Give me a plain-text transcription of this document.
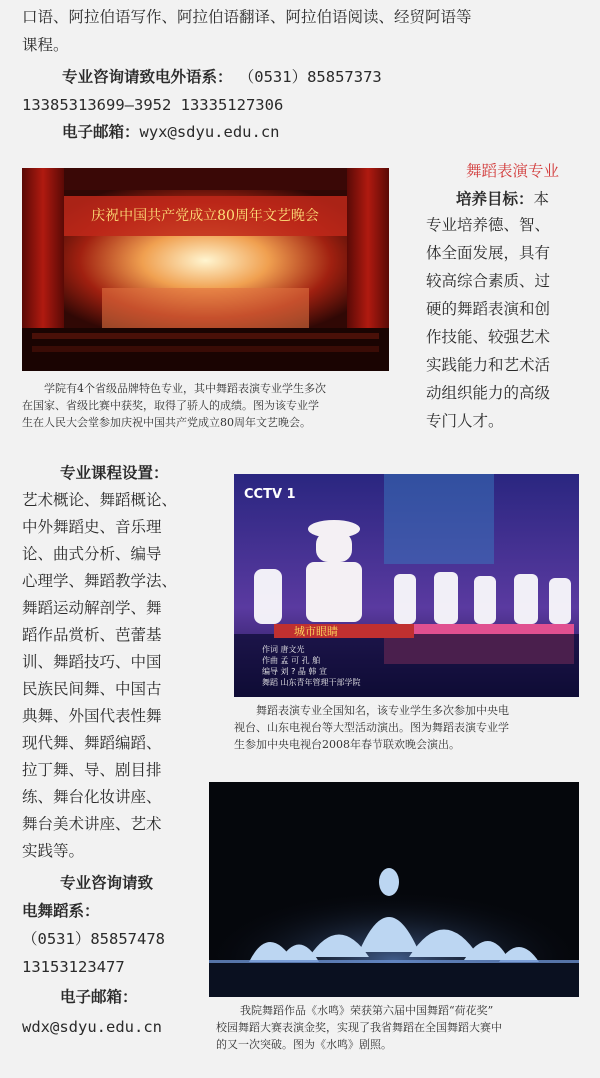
口语、阿拉伯语写作、阿拉伯语翻译、阿拉伯语阅读、经贸阿语等
课程。
专业咨询请致电外语系： （0531）85857373
13385313699—3952 13335127306
电子邮箱：wyx@sdyu.edu.cn
庆祝中国共产党成立80周年文艺晚会
学院有4个省级品牌特色专业，其中舞蹈表演专业学生多次
在国家、省级比赛中获奖，取得了骄人的成绩。图为该专业学
生在人民大会堂参加庆祝中国共产党成立80周年文艺晚会。
舞蹈表演专业
培养目标：本
专业培养德、智、
体全面发展，具有
较高综合素质、过
硬的舞蹈表演和创
作技能、较强艺术
实践能力和艺术活
动组织能力的高级
专门人才。
专业课程设置：
艺术概论、舞蹈概论、
中外舞蹈史、音乐理
论、曲式分析、编导
心理学、舞蹈教学法、
舞蹈运动解剖学、舞
蹈作品赏析、芭蕾基
训、舞蹈技巧、中国
民族民间舞、中国古
典舞、外国代表性舞
现代舞、舞蹈编蹈、
拉丁舞、导、剧目排
练、舞台化妆讲座、
舞台美术讲座、艺术
实践等。
专业咨询请致
电舞蹈系：
（0531）85857478
13153123477
电子邮箱：
wdx@sdyu.edu.cn
CCTV 1
城市眼睛
作词 唐文光
作曲 孟 可 孔 舶
编导 刘 ? 晶 韩 宣
舞蹈 山东青年管理干部学院
舞蹈表演专业全国知名，该专业学生多次参加中央电
视台、山东电视台等大型活动演出。图为舞蹈表演专业学
生参加中央电视台2008年春节联欢晚会演出。
我院舞蹈作品《水鸣》荣获第六届中国舞蹈“荷花奖”
校园舞蹈大赛表演金奖，实现了我省舞蹈在全国舞蹈大赛中
的又一次突破。图为《水鸣》剧照。
